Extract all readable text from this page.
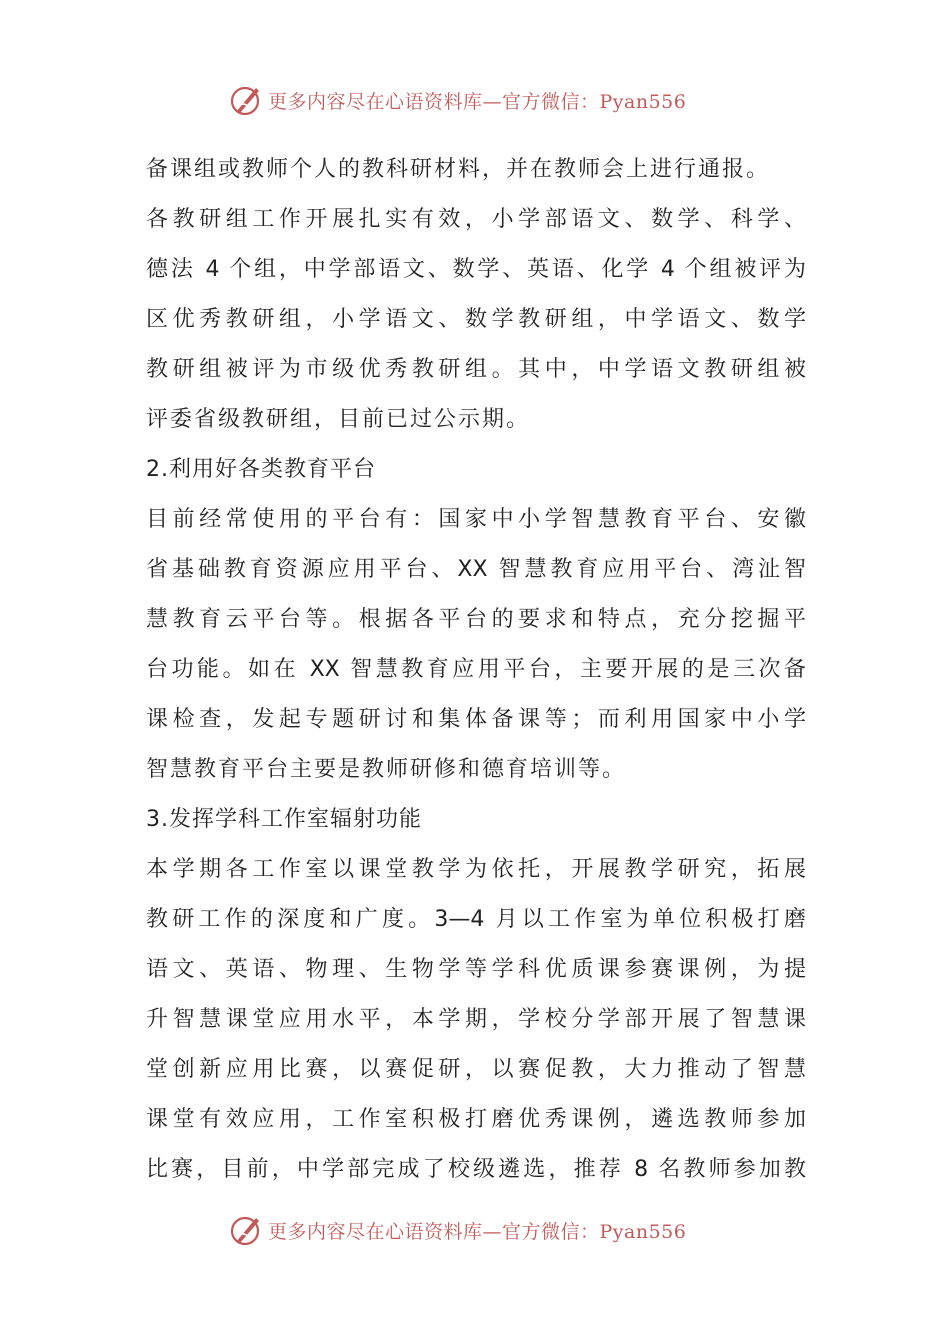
更多内容尽在心语资料库—官方微信：Pyan556
备课组或教师个人的教科研材料，并在教师会上进行通报。
各教研组工作开展扎实有效，小学部语文、数学、科学、
德法 4 个组，中学部语文、数学、英语、化学 4 个组被评为
区优秀教研组，小学语文、数学教研组，中学语文、数学
教研组被评为市级优秀教研组。其中，中学语文教研组被
评委省级教研组，目前已过公示期。
2.利用好各类教育平台
目前经常使用的平台有：国家中小学智慧教育平台、安徽
省基础教育资源应用平台、XX 智慧教育应用平台、湾沚智
慧教育云平台等。根据各平台的要求和特点，充分挖掘平
台功能。如在 XX 智慧教育应用平台，主要开展的是三次备
课检查，发起专题研讨和集体备课等；而利用国家中小学
智慧教育平台主要是教师研修和德育培训等。
3.发挥学科工作室辐射功能
本学期各工作室以课堂教学为依托，开展教学研究，拓展
教研工作的深度和广度。3—4 月以工作室为单位积极打磨
语文、英语、物理、生物学等学科优质课参赛课例，为提
升智慧课堂应用水平，本学期，学校分学部开展了智慧课
堂创新应用比赛，以赛促研，以赛促教，大力推动了智慧
课堂有效应用，工作室积极打磨优秀课例，遴选教师参加
比赛，目前，中学部完成了校级遴选，推荐 8 名教师参加教
更多内容尽在心语资料库—官方微信：Pyan556
